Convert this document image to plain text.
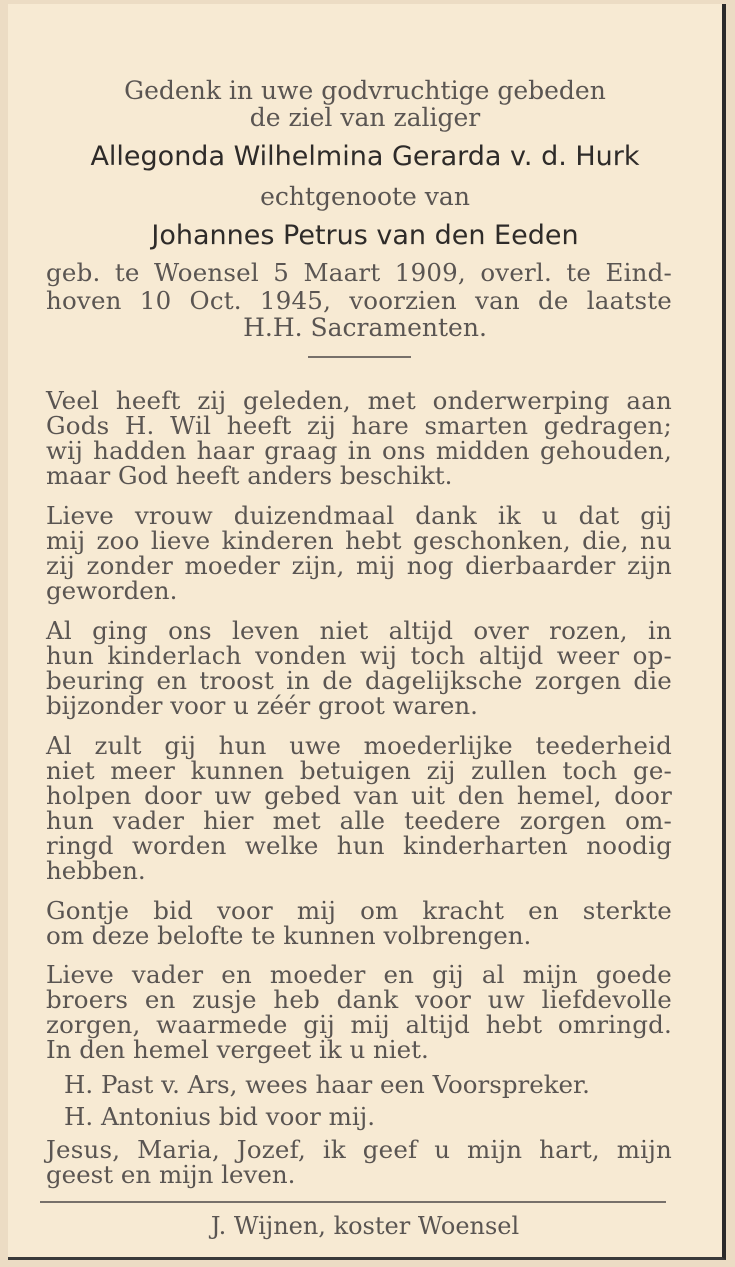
Gedenk in uwe godvruchtige gebeden
de ziel van zaliger
Allegonda Wilhelmina Gerarda v. d. Hurk
echtgenoote van
Johannes Petrus van den Eeden
geb. te Woensel 5 Maart 1909, overl. te Eind-
hoven 10 Oct. 1945, voorzien van de laatste
H.H. Sacramenten.
Veel heeft zij geleden, met onderwerping aan
Gods H. Wil heeft zij hare smarten gedragen;
wij hadden haar graag in ons midden gehouden,
maar God heeft anders beschikt.
Lieve vrouw duizendmaal dank ik u dat gij
mij zoo lieve kinderen hebt geschonken, die, nu
zij zonder moeder zijn, mij nog dierbaarder zijn
geworden.
Al ging ons leven niet altijd over rozen, in
hun kinderlach vonden wij toch altijd weer op-
beuring en troost in de dagelijksche zorgen die
bijzonder voor u zéér groot waren.
Al zult gij hun uwe moederlijke teederheid
niet meer kunnen betuigen zij zullen toch ge-
holpen door uw gebed van uit den hemel, door
hun vader hier met alle teedere zorgen om-
ringd worden welke hun kinderharten noodig
hebben.
Gontje bid voor mij om kracht en sterkte
om deze belofte te kunnen volbrengen.
Lieve vader en moeder en gij al mijn goede
broers en zusje heb dank voor uw liefdevolle
zorgen, waarmede gij mij altijd hebt omringd.
In den hemel vergeet ik u niet.
H. Past v. Ars, wees haar een Voorspreker.
H. Antonius bid voor mij.
Jesus, Maria, Jozef, ik geef u mijn hart, mijn
geest en mijn leven.
J. Wijnen, koster Woensel
